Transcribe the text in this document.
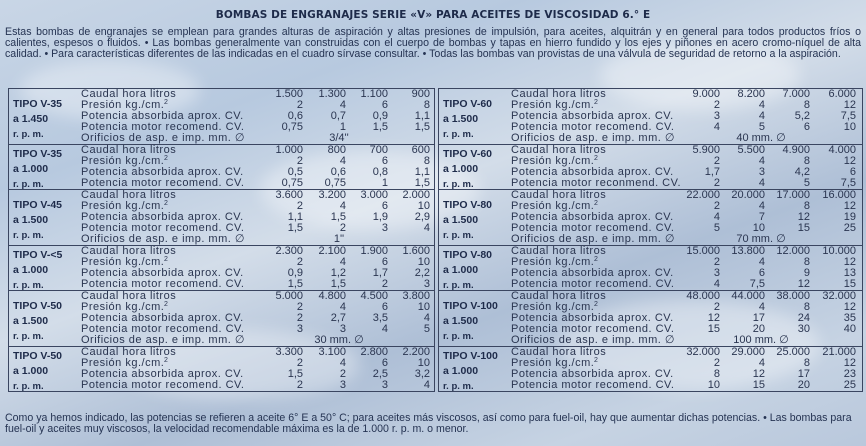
BOMBAS DE ENGRANAJES SERIE «V» PARA ACEITES DE VISCOSIDAD 6.° E
Estas bombas de engranajes se emplean para grandes alturas de aspiración y altas presiones de impulsión, para aceites, alquitrán y en general para todos productos fríos o calientes, espesos o fluidos. • Las bombas generalmente van construidas con el cuerpo de bombas y tapas en hierro fundido y los ejes y piñones en acero cromo-níquel de alta calidad. • Para características diferentes de las indicadas en el cuadro sírvase consultar. • Todas las bombas van provistas de una válvula de seguridad de retorno a la aspiración.
TIPO V-35
a 1.450
r. p. m.
Caudal hora litros	1.500	1.300	1.100	900
Presión kg./cm. 2	2	4	6	8
Potencia absorbida aprox. CV.	0,6	0,7	0,9	1,1
Potencia motor recomend. CV.	0,75	1	1,5	1,5
Orificios de asp. e imp. mm. ∅	3/4''
TIPO V-35
a 1.000
r. p. m.
Caudal hora litros	1.000	800	700	600
Presión kg./cm. 2	2	4	6	8
Potencia absorbida aprox. CV.	0,5	0,6	0,8	1,1
Potencia motor recomend. CV.	0,75	0,75	1	1,5
TIPO V-45
a 1.500
r. p. m.
Caudal hora litros	3.600	3.200	3.000	2.000
Presión kg./cm. 2	2	4	6	10
Potencia absorbida aprox. CV.	1,1	1,5	1,9	2,9
Potencia motor recomend. CV.	1,5	2	3	4
Orificios de asp. e imp. mm. ∅	1''
TIPO V-<5
a 1.000
r. p. m.
Caudal hora litros	2.300	2.100	1.900	1.600
Presión kg./cm. 2	2	4	6	10
Potencia absorbida aprox. CV.	0,9	1,2	1,7	2,2
Potencia motor recomend. CV.	1,5	1,5	2	3
TIPO V-50
a 1.500
r. p. m.
Caudal hora litros	5.000	4.800	4.500	3.800
Presión kg./cm. 2	2	4	6	10
Potencia absorbida aprox. CV.	2	2,7	3,5	4
Potencia motor recomend. CV.	3	3	4	5
Orificios de asp. e imp. mm. ∅	30 mm. ∅
TIPO V-50
a 1.000
r. p. m.
Caudal hora litros	3.300	3.100	2.800	2.200
Presión kg./cm. 2	2	4	6	10
Potencia absorbida aprox. CV.	1,5	2	2,5	3,2
Potencia motor recomend. CV.	2	3	3	4
TIPO V-60
a 1.500
r. p. m.
Caudal hora litros	9.000	8.200	7.000	6.000
Presión kg./cm. 2	2	4	8	12
Potencia absorbida aprox. CV.	3	4	5,2	7,5
Potencia motor recomend. CV.	4	5	6	10
Orificios de asp. e imp. mm. ∅	40 mm. ∅
TIPO V-60
a 1.000
r. p. m.
Caudal hora litros	5.900	5.500	4.900	4.000
Presión kg./cm. 2	2	4	8	12
Potencia absorbida aprox. CV.	1,7	3	4,2	6
Potencia motor reconmend. CV.	2	4	5	7,5
TIPO V-80
a 1.500
r. p. m.
Caudal hora litros	22.000	20.000	17.000	16.000
Presión kg./cm. 2	2	4	8	12
Potencia absorbida aprox. CV.	4	7	12	19
Potencia motor recomend. CV.	5	10	15	25
Orificios de asp. e imp. mm. ∅	70 mm. ∅
TIPO V-80
a 1.000
r. p. m.
Caudal hora litros	15.000	13.800	12.000	10.000
Presión kg./cm. 2	2	4	8	12
Potencia absorbida aprox. CV.	3	6	9	13
Potencia motor recomend. CV.	4	7,5	12	15
TIPO V-100
a 1.500
r. p. m.
Caudal hora litros	48.000	44.000	38.000	32.000
Presión kg./cm. 2	2	4	8	12
Potencia absorbida aprox. CV.	12	17	24	35
Potencia motor recomend. CV.	15	20	30	40
Orificios de asp. e imp. mm. ∅	100 mm. ∅
TIPO V-100
a 1.000
r. p. m.
Caudal hora litros	32.000	29.000	25.000	21.000
Presión kg./cm. 2	2	4	8	12
Potencia absorbida aprox. CV.	8	12	17	23
Potencia motor recomend. CV.	10	15	20	25
Como ya hemos indicado, las potencias se refieren a aceite 6° E a 50° C; para aceites más viscosos, así como para fuel-oil, hay que aumentar dichas potencias. • Las bombas para fuel-oil y aceites muy viscosos, la velocidad recomendable máxima es la de 1.000 r. p. m. o menor.
